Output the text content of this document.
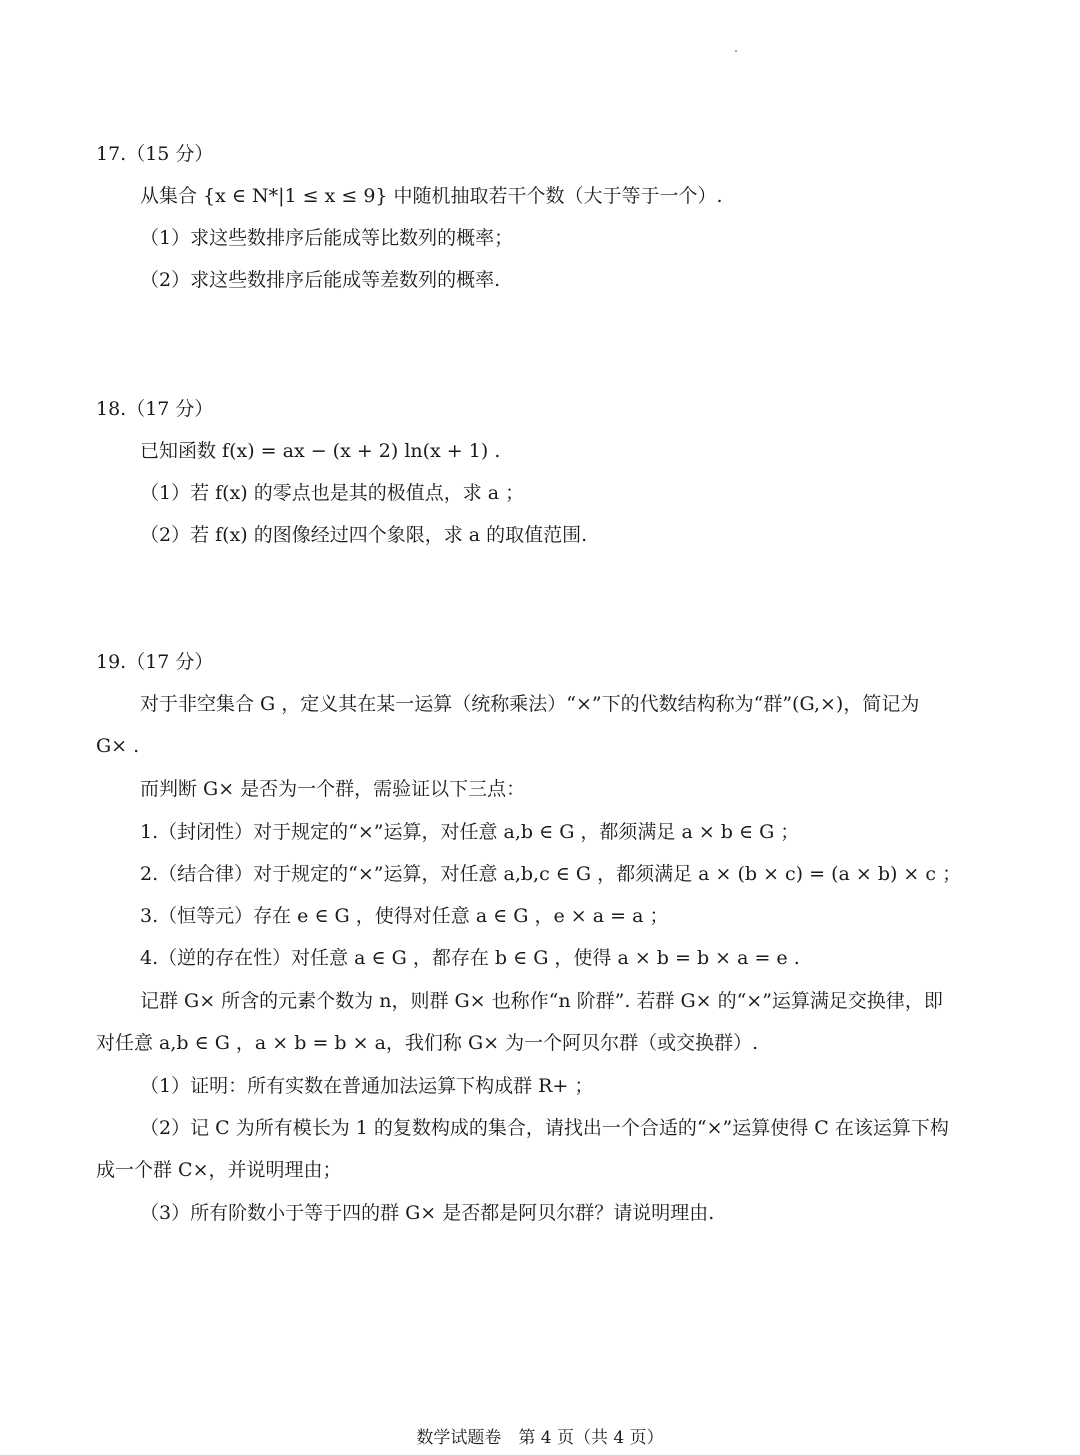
17.（15 分）
从集合 {x ∈ N*|1 ≤ x ≤ 9} 中随机抽取若干个数（大于等于一个）.
（1）求这些数排序后能成等比数列的概率；
（2）求这些数排序后能成等差数列的概率.
18.（17 分）
已知函数 f(x) = ax − (x + 2) ln(x + 1) .
（1）若 f(x) 的零点也是其的极值点，求 a ；
（2）若 f(x) 的图像经过四个象限，求 a 的取值范围.
19.（17 分）
对于非空集合 G ，定义其在某一运算（统称乘法）“×”下的代数结构称为“群”(G,×)，简记为
G× .
而判断 G× 是否为一个群，需验证以下三点：
1.（封闭性）对于规定的“×”运算，对任意 a,b ∈ G ，都须满足 a × b ∈ G ；
2.（结合律）对于规定的“×”运算，对任意 a,b,c ∈ G ，都须满足 a × (b × c) = (a × b) × c ；
3.（恒等元）存在 e ∈ G ，使得对任意 a ∈ G ，e × a = a ；
4.（逆的存在性）对任意 a ∈ G ，都存在 b ∈ G ，使得 a × b = b × a = e .
记群 G× 所含的元素个数为 n，则群 G× 也称作“n 阶群”. 若群 G× 的“×”运算满足交换律，即
对任意 a,b ∈ G ，a × b = b × a，我们称 G× 为一个阿贝尔群（或交换群）.
（1）证明：所有实数在普通加法运算下构成群 R+ ；
（2）记 C 为所有模长为 1 的复数构成的集合，请找出一个合适的“×”运算使得 C 在该运算下构
成一个群 C×，并说明理由；
（3）所有阶数小于等于四的群 G× 是否都是阿贝尔群？请说明理由.
数学试题卷　第 4 页（共 4 页）
